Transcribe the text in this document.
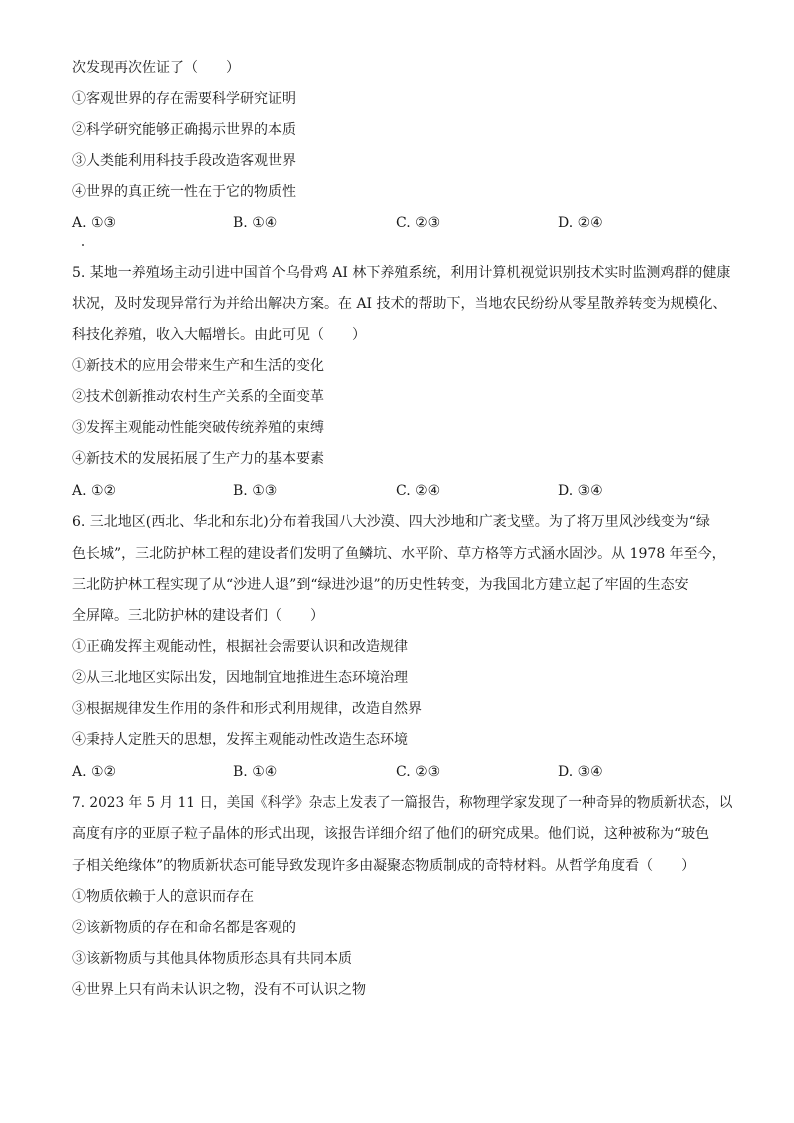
次发现再次佐证了（　　）
①客观世界的存在需要科学研究证明
②科学研究能够正确揭示世界的本质
③人类能利用科技手段改造客观世界
④世界的真正统一性在于它的物质性
A. ①③	B. ①④	C. ②③	D. ②④
5. 某地一养殖场主动引进中国首个乌骨鸡 AI 林下养殖系统，利用计算机视觉识别技术实时监测鸡群的健康
状况，及时发现异常行为并给出解决方案。在 AI 技术的帮助下，当地农民纷纷从零星散养转变为规模化、
科技化养殖，收入大幅增长。由此可见（　　）
①新技术的应用会带来生产和生活的变化
②技术创新推动农村生产关系的全面变革
③发挥主观能动性能突破传统养殖的束缚
④新技术的发展拓展了生产力的基本要素
A. ①②	B. ①③	C. ②④	D. ③④
6. 三北地区(西北、华北和东北)分布着我国八大沙漠、四大沙地和广袤戈壁。为了将万里风沙线变为“绿
色长城”，三北防护林工程的建设者们发明了鱼鳞坑、水平阶、草方格等方式涵水固沙。从 1978 年至今，
三北防护林工程实现了从“沙进人退”到“绿进沙退”的历史性转变，为我国北方建立起了牢固的生态安
全屏障。三北防护林的建设者们（　　）
①正确发挥主观能动性，根据社会需要认识和改造规律
②从三北地区实际出发，因地制宜地推进生态环境治理
③根据规律发生作用的条件和形式利用规律，改造自然界
④秉持人定胜天的思想，发挥主观能动性改造生态环境
A. ①②	B. ①④	C. ②③	D. ③④
7. 2023 年 5 月 11 日，美国《科学》杂志上发表了一篇报告，称物理学家发现了一种奇异的物质新状态，以
高度有序的亚原子粒子晶体的形式出现，该报告详细介绍了他们的研究成果。他们说，这种被称为“玻色
子相关绝缘体”的物质新状态可能导致发现许多由凝聚态物质制成的奇特材料。从哲学角度看（　　）
①物质依赖于人的意识而存在
②该新物质的存在和命名都是客观的
③该新物质与其他具体物质形态具有共同本质
④世界上只有尚未认识之物，没有不可认识之物
